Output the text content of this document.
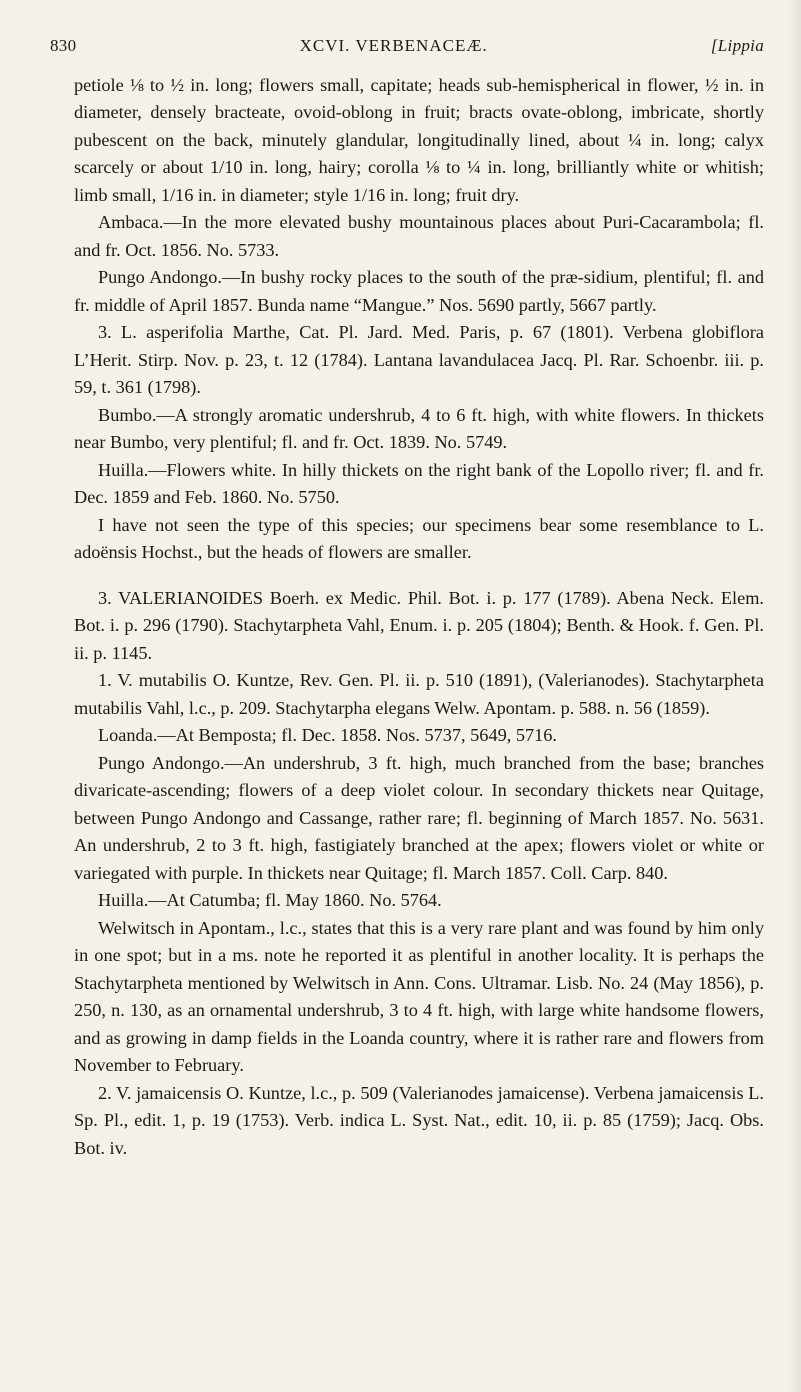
830	XCVI. VERBENACEÆ.	[Lippia

petiole ⅛ to ½ in. long; flowers small, capitate; heads sub-hemispherical in flower, ½ in. in diameter, densely bracteate, ovoid-oblong in fruit; bracts ovate-oblong, imbricate, shortly pubescent on the back, minutely glandular, longitudinally lined, about ¼ in. long; calyx scarcely or about 1/10 in. long, hairy; corolla ⅛ to ¼ in. long, brilliantly white or whitish; limb small, 1/16 in. in diameter; style 1/16 in. long; fruit dry.

Ambaca.—In the more elevated bushy mountainous places about Puri-Cacarambola; fl. and fr. Oct. 1856. No. 5733.

Pungo Andongo.—In bushy rocky places to the south of the præ-sidium, plentiful; fl. and fr. middle of April 1857. Bunda name “Mangue.” Nos. 5690 partly, 5667 partly.

3. L. asperifolia Marthe, Cat. Pl. Jard. Med. Paris, p. 67 (1801). Verbena globiflora L’Herit. Stirp. Nov. p. 23, t. 12 (1784). Lantana lavandulacea Jacq. Pl. Rar. Schoenbr. iii. p. 59, t. 361 (1798).

Bumbo.—A strongly aromatic undershrub, 4 to 6 ft. high, with white flowers. In thickets near Bumbo, very plentiful; fl. and fr. Oct. 1839. No. 5749.

Huilla.—Flowers white. In hilly thickets on the right bank of the Lopollo river; fl. and fr. Dec. 1859 and Feb. 1860. No. 5750.

I have not seen the type of this species; our specimens bear some resemblance to L. adoënsis Hochst., but the heads of flowers are smaller.

3. VALERIANOIDES Boerh. ex Medic. Phil. Bot. i. p. 177 (1789). Abena Neck. Elem. Bot. i. p. 296 (1790). Stachytarpheta Vahl, Enum. i. p. 205 (1804); Benth. & Hook. f. Gen. Pl. ii. p. 1145.

1. V. mutabilis O. Kuntze, Rev. Gen. Pl. ii. p. 510 (1891), (Valerianodes). Stachytarpheta mutabilis Vahl, l.c., p. 209. Stachytarpha elegans Welw. Apontam. p. 588. n. 56 (1859).

Loanda.—At Bemposta; fl. Dec. 1858. Nos. 5737, 5649, 5716.

Pungo Andongo.—An undershrub, 3 ft. high, much branched from the base; branches divaricate-ascending; flowers of a deep violet colour. In secondary thickets near Quitage, between Pungo Andongo and Cassange, rather rare; fl. beginning of March 1857. No. 5631. An undershrub, 2 to 3 ft. high, fastigiately branched at the apex; flowers violet or white or variegated with purple. In thickets near Quitage; fl. March 1857. Coll. Carp. 840.

Huilla.—At Catumba; fl. May 1860. No. 5764.

Welwitsch in Apontam., l.c., states that this is a very rare plant and was found by him only in one spot; but in a ms. note he reported it as plentiful in another locality. It is perhaps the Stachytarpheta mentioned by Welwitsch in Ann. Cons. Ultramar. Lisb. No. 24 (May 1856), p. 250, n. 130, as an ornamental undershrub, 3 to 4 ft. high, with large white handsome flowers, and as growing in damp fields in the Loanda country, where it is rather rare and flowers from November to February.

2. V. jamaicensis O. Kuntze, l.c., p. 509 (Valerianodes jamaicense). Verbena jamaicensis L. Sp. Pl., edit. 1, p. 19 (1753). Verb. indica L. Syst. Nat., edit. 10, ii. p. 85 (1759); Jacq. Obs. Bot. iv.
